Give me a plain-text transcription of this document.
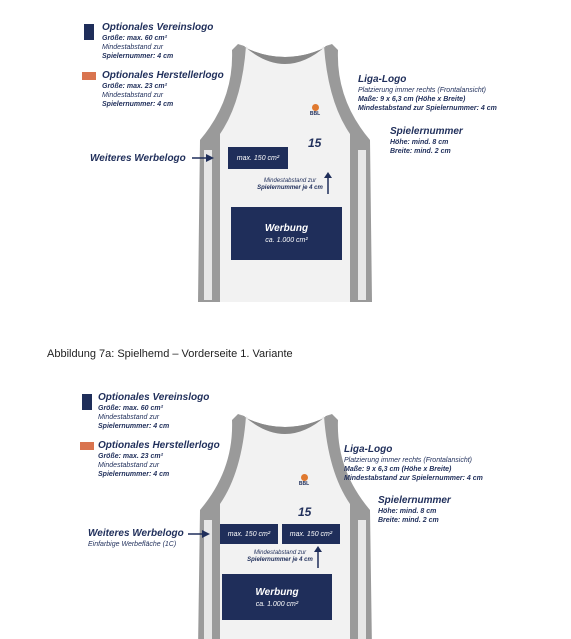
BBL
15
max. 150 cm²
Mindestabstand zur
Spielernummer je 4 cm
Werbung
ca. 1.000 cm²
Optionales Vereinslogo
Größe: max. 60 cm²
Mindestabstand zur
Spielernummer: 4 cm
Optionales Herstellerlogo
Größe: max. 23 cm²
Mindestabstand zur
Spielernummer: 4 cm
Liga-Logo
Platzierung immer rechts (Frontalansicht)
Maße: 9 x 6,3 cm (Höhe x Breite)
Mindestabstand zur Spielernummer: 4 cm
Spielernummer
Höhe: mind. 8 cm
Breite: mind. 2 cm
Weiteres Werbelogo
Abbildung 7a: Spielhemd – Vorderseite 1. Variante
BBL
15
max. 150 cm²	max. 150 cm²
Mindestabstand zur
Spielernummer je 4 cm
Werbung
ca. 1.000 cm²
Optionales Vereinslogo
Größe: max. 60 cm²
Mindestabstand zur
Spielernummer: 4 cm
Optionales Herstellerlogo
Größe: max. 23 cm²
Mindestabstand zur
Spielernummer: 4 cm
Liga-Logo
Platzierung immer rechts (Frontalansicht)
Maße: 9 x 6,3 cm (Höhe x Breite)
Mindestabstand zur Spielernummer: 4 cm
Spielernummer
Höhe: mind. 8 cm
Breite: mind. 2 cm
Weiteres Werbelogo
Einfarbige Werbefläche (1C)
